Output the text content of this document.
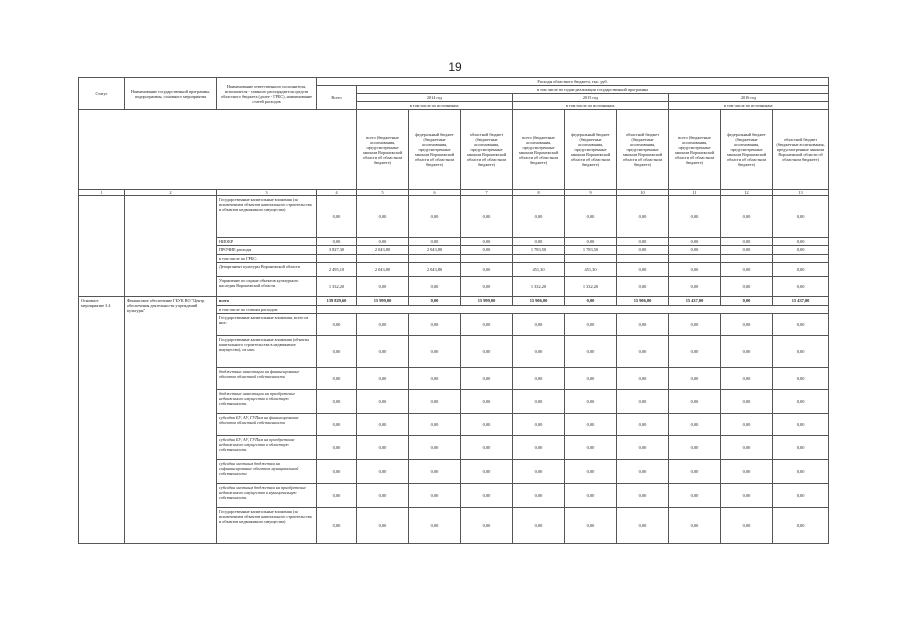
19
Статус	Наименование государственной программы, подпрограммы, основного мероприятия	Наименование ответственного исполнителя, исполнителя - главного распорядителя средств областного бюджета (далее - ГРБС), наименование статей расходов	Расходы областного бюджета, тыс. руб.									
			Всего	в том числе по годам реализации государственной программы								
				2014 год			2015 год			2016 год		
				в том числе по источникам:			в том числе по источникам:			в том числе по источникам:		
				всего (бюджетные ассигнования, предусмотренные законом Воронежской области об областном бюджете)	федеральный бюджет (бюджетные ассигнования, предусмотренные законом Воронежской области об областном бюджете)	областной бюджет (бюджетные ассигнования, предусмотренные законом Воронежской области об областном бюджете)	всего (бюджетные ассигнования, предусмотренные законом Воронежской области об областном бюджете)	федеральный бюджет (бюджетные ассигнования, предусмотренные законом Воронежской области об областном бюджете)	областной бюджет (бюджетные ассигнования, предусмотренные законом Воронежской области об областном бюджете)	всего (бюджетные ассигнования, предусмотренные законом Воронежской области об областном бюджете)	федеральный бюджет (бюджетные ассигнования, предусмотренные законом Воронежской области об областном бюджете)	областной бюджет (бюджетные ассигнования, предусмотренные законом Воронежской области об областном бюджете)
1	2	3	4	5	6	7	8	9	10	11	12	13
		Государственные капитальные вложения (за исключением объектов капитального строительства и объектов недвижимого имущества)	0,00	0,00	0,00	0,00	0,00	0,00	0,00	0,00	0,00	0,00
		НИОКР	0,00	0,00	0,00	0,00	0,00	0,00	0,00	0,00	0,00	0,00
		ПРОЧИЕ расходы	3 827,30	2 043,80	2 043,80	0,00	1 783,50	1 783,50	0,00	0,00	0,00	0,00
		в том числе по ГРБС:										
		Департамент культуры Воронежской области	2 495,10	2 043,80	2 043,80	0,00	451,30	451,30	0,00	0,00	0,00	0,00
		Управление по охране объектов культурного наследия Воронежской области	1 332,20	0,00	0,00	0,00	1 332,20	1 332,20	0,00	0,00	0,00	0,00
Основное мероприятие 3.4	Финансовое обеспечение ГБУК ВО "Центр обеспечения деятельности учреждений культуры"	всего	139 829,60	15 999,00	0,00	15 999,00	15 906,00	0,00	15 906,00	15 437,00	0,00	15 437,00
		в том числе по статьям расходов:										
		Государственные капитальные вложения, всего из них:	0,00	0,00	0,00	0,00	0,00	0,00	0,00	0,00	0,00	0,00
		Государственные капитальные вложения (объекты капитального строительства в недвижимое имущество), из них:	0,00	0,00	0,00	0,00	0,00	0,00	0,00	0,00	0,00	0,00
		бюджетные инвестиции на финансирование объектов областной собственности	0,00	0,00	0,00	0,00	0,00	0,00	0,00	0,00	0,00	0,00
		бюджетные инвестиции на приобретение недвижимого имущества в областную собственность	0,00	0,00	0,00	0,00	0,00	0,00	0,00	0,00	0,00	0,00
		субсидии БУ, АУ, ГУПам на финансирование объектов областной собственности	0,00	0,00	0,00	0,00	0,00	0,00	0,00	0,00	0,00	0,00
		субсидии БУ, АУ, ГУПам на приобретение недвижимого имущества в областную собственность	0,00	0,00	0,00	0,00	0,00	0,00	0,00	0,00	0,00	0,00
		субсидии местным бюджетам на софинансирование объектов муниципальной собственности	0,00	0,00	0,00	0,00	0,00	0,00	0,00	0,00	0,00	0,00
		субсидии местным бюджетам на приобретение недвижимого имущества в муниципальную собственность	0,00	0,00	0,00	0,00	0,00	0,00	0,00	0,00	0,00	0,00
		Государственные капитальные вложения (за исключением объектов капитального строительства и объектов недвижимого имущества)	0,00	0,00	0,00	0,00	0,00	0,00	0,00	0,00	0,00	0,00
